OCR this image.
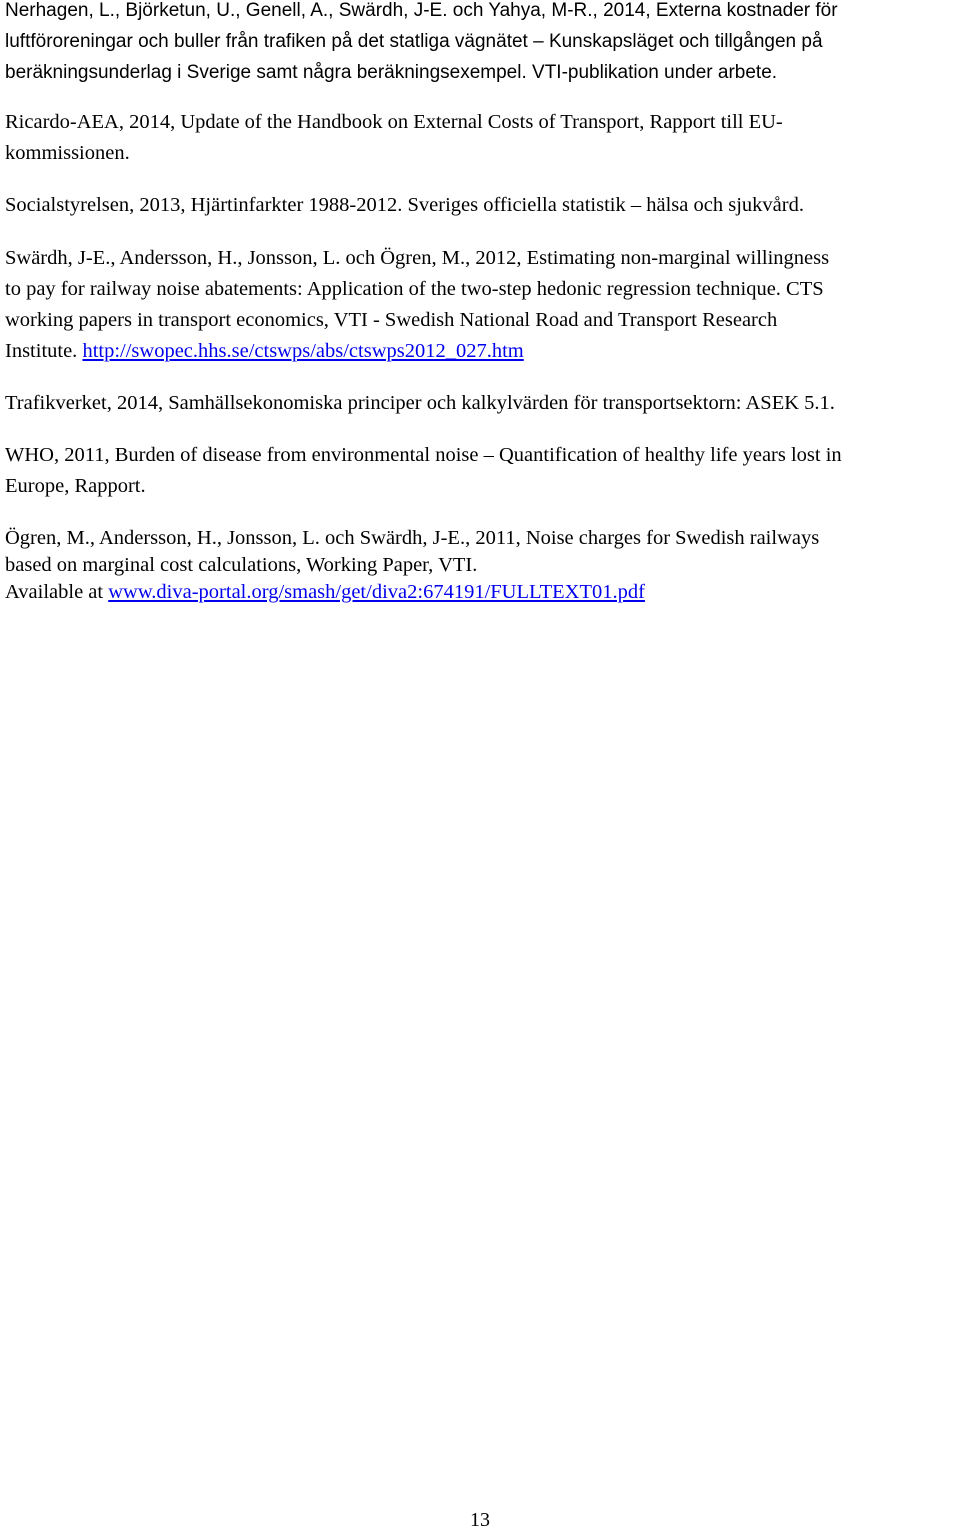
Nerhagen, L., Björketun, U., Genell, A., Swärdh, J-E. och Yahya, M-R., 2014, Externa kostnader för
luftföroreningar och buller från trafiken på det statliga vägnätet – Kunskapsläget och tillgången på
beräkningsunderlag i Sverige samt några beräkningsexempel. VTI-publikation under arbete.
Ricardo-AEA, 2014, Update of the Handbook on External Costs of Transport, Rapport till EU-
kommissionen.
Socialstyrelsen, 2013, Hjärtinfarkter 1988-2012. Sveriges officiella statistik – hälsa och sjukvård.
Swärdh, J-E., Andersson, H., Jonsson, L. och Ögren, M., 2012, Estimating non-marginal willingness
to pay for railway noise abatements: Application of the two-step hedonic regression technique. CTS
working papers in transport economics, VTI - Swedish National Road and Transport Research
Institute. http://swopec.hhs.se/ctswps/abs/ctswps2012_027.htm
Trafikverket, 2014, Samhällsekonomiska principer och kalkylvärden för transportsektorn: ASEK 5.1.
WHO, 2011, Burden of disease from environmental noise – Quantification of healthy life years lost in
Europe, Rapport.
Ögren, M., Andersson, H., Jonsson, L. och Swärdh, J-E., 2011, Noise charges for Swedish railways
based on marginal cost calculations, Working Paper, VTI.
Available at www.diva-portal.org/smash/get/diva2:674191/FULLTEXT01.pdf
13
